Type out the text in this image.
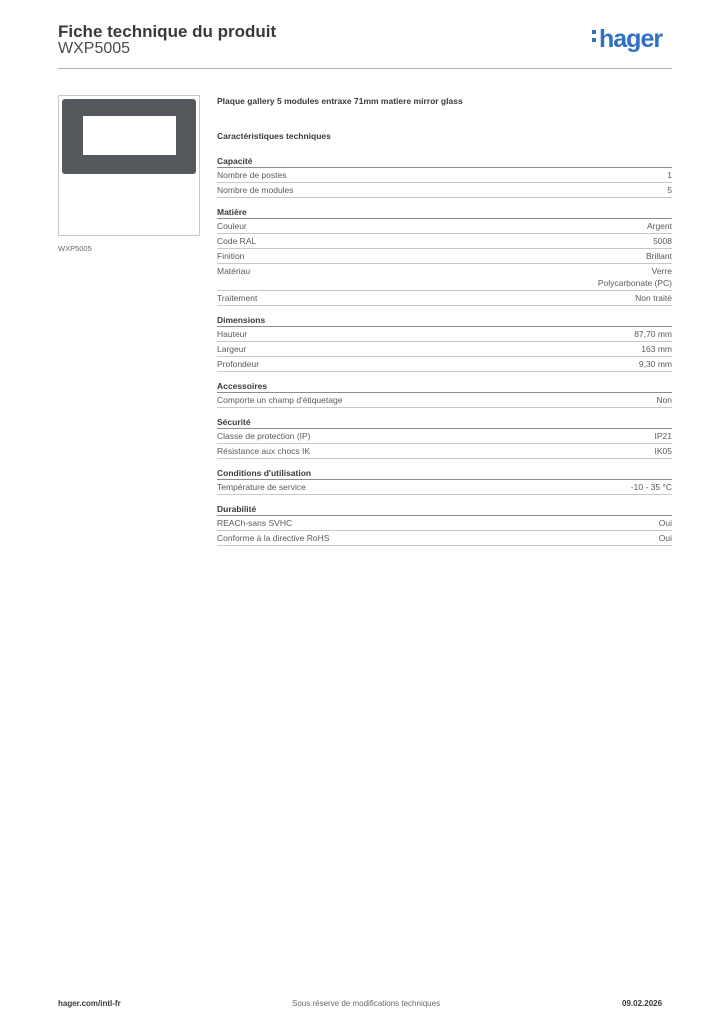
Fiche technique du produit
WXP5005	hager
WXP5005
Plaque gallery 5 modules entraxe 71mm matiere mirror glass
Caractéristiques techniques
Capacité
Nombre de postes	1
Nombre de modules	5
Matière
Couleur	Argent
Code RAL	5008
Finition	Brillant
Matériau	Verre
Polycarbonate (PC)
Traitement	Non traité
Dimensions
Hauteur	87,70 mm
Largeur	163 mm
Profondeur	9,30 mm
Accessoires
Comporte un champ d'étiquetage	Non
Sécurité
Classe de protection (IP)	IP21
Résistance aux chocs IK	IK05
Conditions d'utilisation
Température de service	-10 - 35 °C
Durabilité
REACh-sans SVHC	Oui
Conforme à la directive RoHS	Oui
hager.com/intl-fr	Sous réserve de modifications techniques	09.02.2026
